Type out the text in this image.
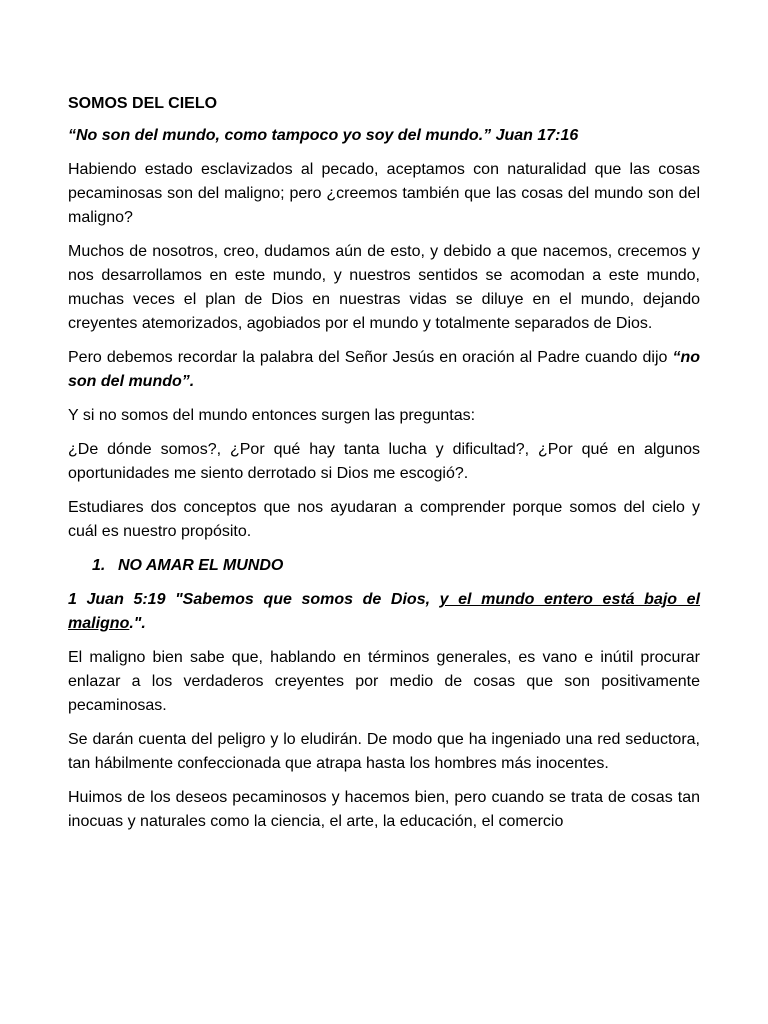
SOMOS DEL CIELO
“No son del mundo, como tampoco yo soy del mundo.” Juan 17:16

Habiendo estado esclavizados al pecado, aceptamos con naturalidad que las cosas pecaminosas son del maligno; pero ¿creemos también que las cosas del mundo son del maligno?

Muchos de nosotros, creo, dudamos aún de esto, y debido a que nacemos, crecemos y nos desarrollamos en este mundo, y nuestros sentidos se acomodan a este mundo, muchas veces el plan de Dios en nuestras vidas se diluye en el mundo, dejando creyentes atemorizados, agobiados por el mundo y totalmente separados de Dios.

Pero debemos recordar la palabra del Señor Jesús en oración al Padre cuando dijo “no son del mundo”.

Y si no somos del mundo entonces surgen las preguntas:

¿De dónde somos?, ¿Por qué hay tanta lucha y dificultad?, ¿Por qué en algunos oportunidades me siento derrotado si Dios me escogió?.

Estudiares dos conceptos que nos ayudaran a comprender porque somos del cielo y cuál es nuestro propósito.

1. NO AMAR EL MUNDO
1 Juan 5:19 "Sabemos que somos de Dios, y el mundo entero está bajo el maligno.".

El maligno bien sabe que, hablando en términos generales, es vano e inútil procurar enlazar a los verdaderos creyentes por medio de cosas que son positivamente pecaminosas.

Se darán cuenta del peligro y lo eludirán. De modo que ha ingeniado una red seductora, tan hábilmente confeccionada que atrapa hasta los hombres más inocentes.

Huimos de los deseos pecaminosos y hacemos bien, pero cuando se trata de cosas tan inocuas y naturales como la ciencia, el arte, la educación, el comercio
